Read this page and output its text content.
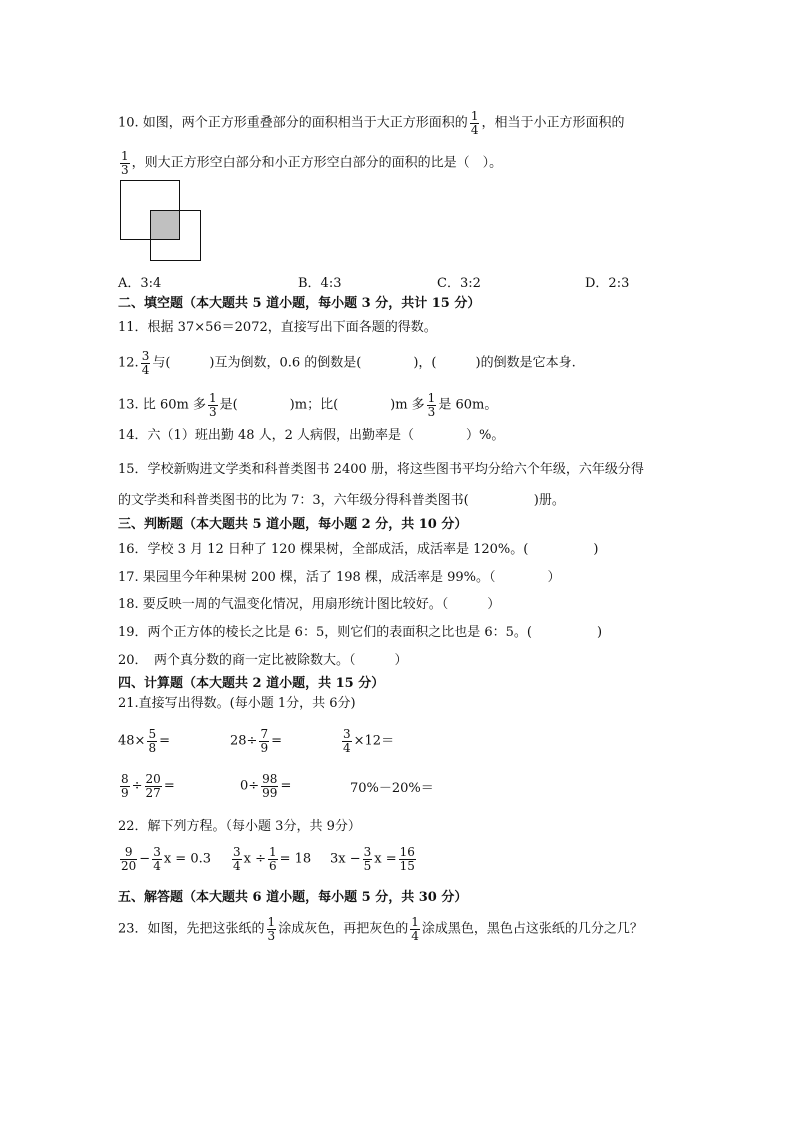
10. 如图，两个正方形重叠部分的面积相当于大正方形面积的 $\frac{1}{4}$ ，相当于小正方形面积的
$\frac{1}{3}$ ，则大正方形空白部分和小正方形空白部分的面积的比是（　）。
A．3:4	B．4:3	C．3:2	D．2:3
二、填空题（本大题共 5 道小题，每小题 3 分，共计 15 分）
11．根据 37×56＝2072，直接写出下面各题的得数。
12. $\frac{3}{4}$ 与(　　　)互为倒数，0.6 的倒数是(　　　　)，(　　　)的倒数是它本身.
13. 比 60m 多 $\frac{1}{3}$ 是(　　　　)m；比(　　　　)m 多 $\frac{1}{3}$ 是 60m。
14．六（1）班出勤 48 人，2 人病假，出勤率是（　　　　）%。
15．学校新购进文学类和科普类图书 2400 册，将这些图书平均分给六个年级，六年级分得
的文学类和科普类图书的比为 7：3，六年级分得科普类图书(　　　　　)册。
三、判断题（本大题共 5 道小题，每小题 2 分，共 10 分）
16．学校 3 月 12 日种了 120 棵果树，全部成活，成活率是 120%。(　　　　　)
17. 果园里今年种果树 200 棵，活了 198 棵，成活率是 99%。（　　　　）
18. 要反映一周的气温变化情况，用扇形统计图比较好。（　　　）
19．两个正方体的棱长之比是 6：5，则它们的表面积之比也是 6：5。(　　　　　)
20．　两个真分数的商一定比被除数大。（　　　）
四、计算题（本大题共 2 道小题，共 15 分）
21.直接写出得数。(每小题 1分，共 6分)
$48\times \frac{5}{8}$ =	$28\div \frac{7}{9}$ =	$\frac{3}{4} \times 12=$
$\frac{8}{9} \div \frac{20}{27}$ =	$0\div \frac{98}{99}$ =	70%－20%＝
22．解下列方程。（每小题 3分，共 9分）
$\frac{9}{20} - \frac{3}{4}$ $x = 0.3 \frac{3}{4}$ $x \div \frac{1}{6} = 18$ $3x - \frac{3}{5}$ $x = \frac{16}{15}$
五、解答题（本大题共 6 道小题，每小题 5 分，共 30 分）
23．如图，先把这张纸的 $\frac{1}{3}$ 涂成灰色，再把灰色的 $\frac{1}{4}$ 涂成黑色，黑色占这张纸的几分之几？
